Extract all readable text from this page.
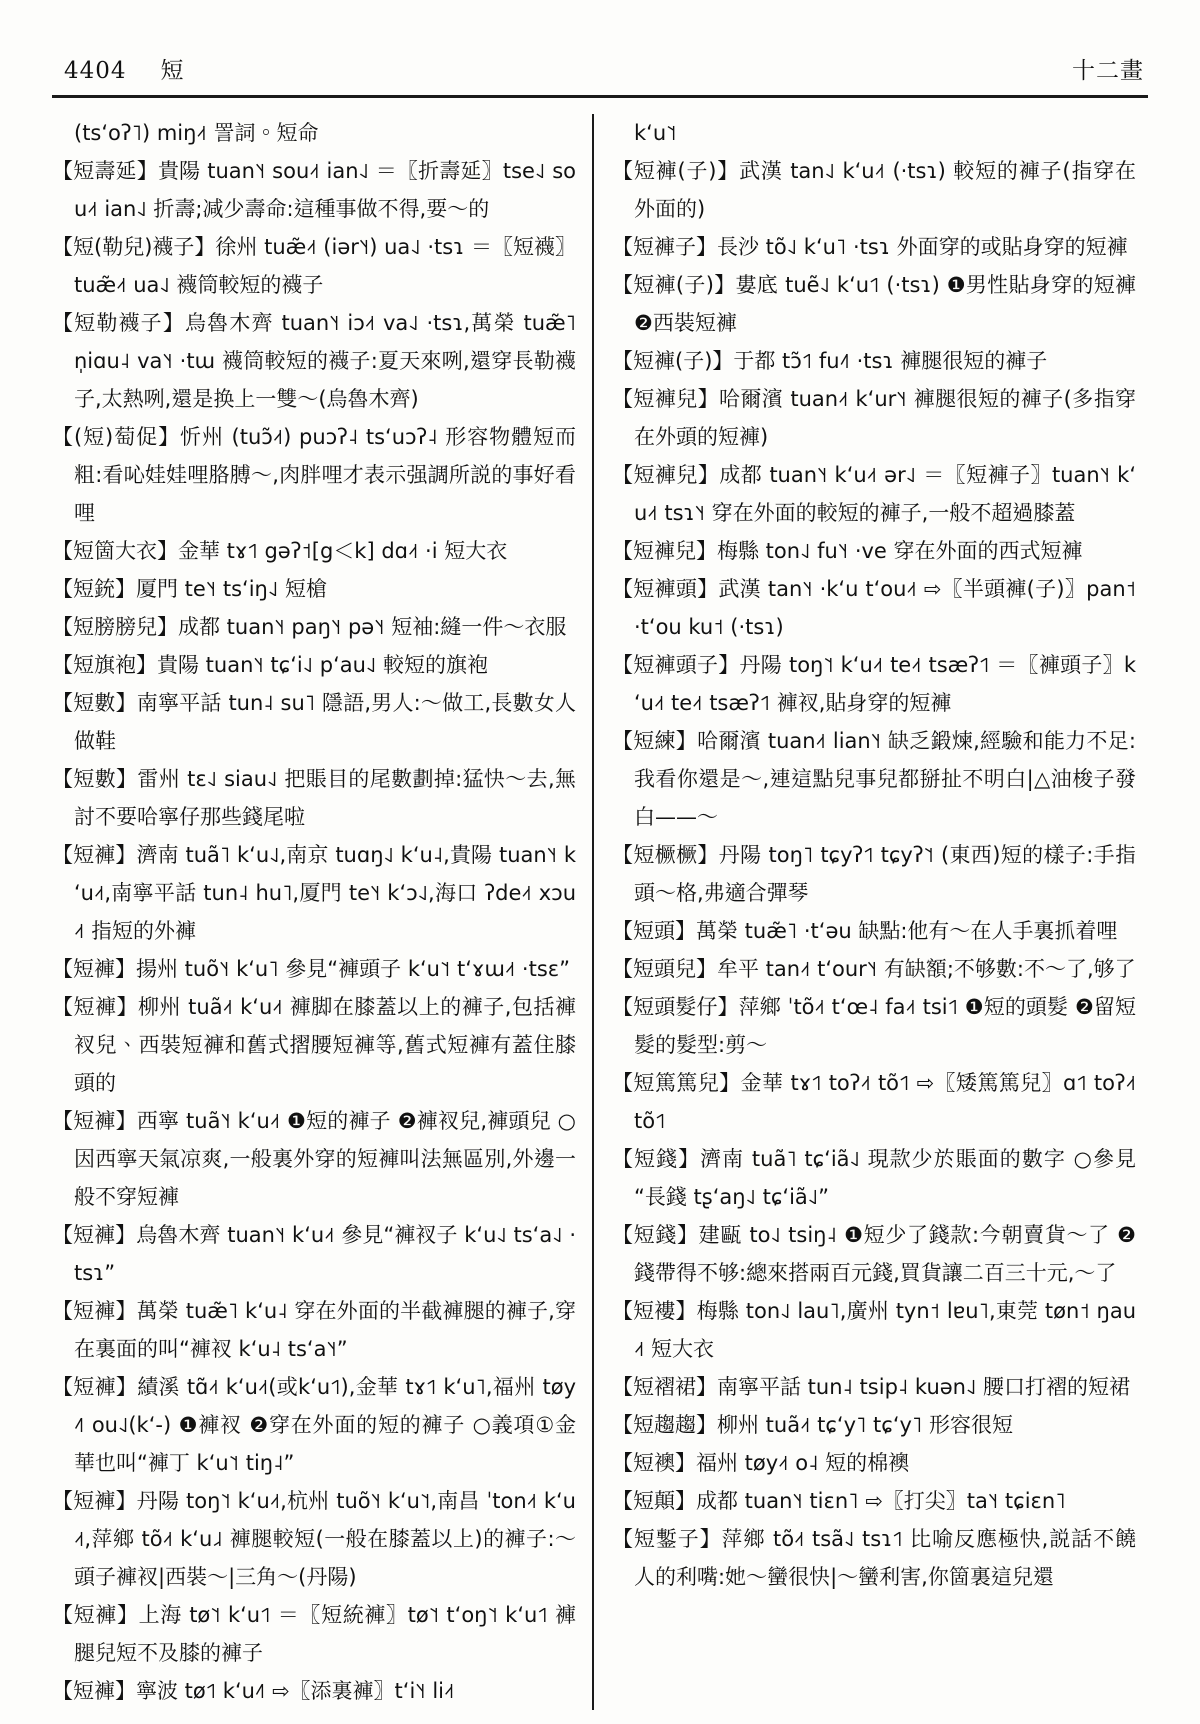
4404 短	十二畫

(tsʻoʔ˥) miŋ˨˦ 詈詞。短命

【短壽延】貴陽 tuan˥˧ sou˨˦ ian˨˩ ＝〖折壽延〗tse˨˩ sou˨˦ ian˨˩ 折壽;减少壽命:這種事做不得,要～的

【短(勒兒)襪子】徐州 tuæ̃˨˦ (iər˥˧) ua˨˩ ·tsɿ ＝〖短襪〗tuæ̃˨˦ ua˨˩ 襪筒較短的襪子

【短勒襪子】烏魯木齊 tuan˥˧ iɔ˨˦ va˨˩ ·tsɿ,萬榮 tuæ̃˥ n̩iɑu˨ va˥˧ ·tɯ 襪筒較短的襪子:夏天來咧,還穿長勒襪子,太熱咧,還是换上一雙～(烏魯木齊)

【(短)萄促】忻州 (tuɔ̃˨˦) puɔʔ˨ tsʻuɔʔ˨ 形容物體短而粗:看吣娃娃哩胳膊～,肉胖哩才表示强調所説的事好看哩

【短箇大衣】金華 tɤ˦˥ gəʔ˦[g＜k] dɑ˨˦ ·i 短大衣

【短銃】厦門 te˥˧ tsʻiŋ˨˩ 短槍

【短膀膀兒】成都 tuan˥˧ paŋ˥˧ pə˥˧ 短袖:縫一件～衣服

【短旗袍】貴陽 tuan˥˧ tɕʻi˨˩ pʻau˨˩ 較短的旗袍

【短數】南寧平話 tun˨ su˥ 隱語,男人:～做工,長數女人做鞋

【短數】雷州 tɛ˨˩ siau˨˩ 把賬目的尾數劃掉:猛快～去,無討不要哈寧仔那些錢尾啦

【短褲】濟南 tuã˥ kʻu˨˩,南京 tuɑŋ˨˩ kʻu˨,貴陽 tuan˥˧ kʻu˨˦,南寧平話 tun˨ hu˥,厦門 te˥˧ kʻɔ˨˩,海口 ʔde˨˦ xɔu˨˦ 指短的外褲

【短褲】揚州 tuõ˥˧ kʻu˥ 參見“褲頭子 kʻu˥˦ tʻɤɯ˨˦ ·tsɛ”

【短褲】柳州 tuã˨˦ kʻu˨˦ 褲脚在膝蓋以上的褲子,包括褲衩兒、西裝短褲和舊式摺腰短褲等,舊式短褲有蓋住膝頭的

【短褲】西寧 tuã˥˧ kʻu˨˦ ❶短的褲子 ❷褲衩兒,褲頭兒 ○因西寧天氣凉爽,一般裏外穿的短褲叫法無區別,外邊一般不穿短褲

【短褲】烏魯木齊 tuan˥˧ kʻu˨˦ 參見“褲衩子 kʻu˨˩ tsʻa˨˩ ·tsɿ”

【短褲】萬榮 tuæ̃˥ kʻu˨ 穿在外面的半截褲腿的褲子,穿在裏面的叫“褲衩 kʻu˨ tsʻa˥˧”

【短褲】績溪 tɑ̃˨˦ kʻu˨˦(或kʻu˦˥),金華 tɤ˦˥ kʻu˥,福州 tøy˨˥ ou˨˩(kʻ-) ❶褲衩 ❷穿在外面的短的褲子 ○義項①金華也叫“褲丁 kʻu˥˦ tiŋ˨”

【短褲】丹陽 toŋ˥˦ kʻu˨˦,杭州 tuõ˥˧ kʻu˥˦,南昌 ˈton˨˦ kʻu˨˦,萍鄉 tõ˨˦ kʻu˩˨ 褲腿較短(一般在膝蓋以上)的褲子:～頭子褲衩|西裝～|三角～(丹陽)

【短褲】上海 tø˥˦ kʻu˦˥ ＝〖短統褲〗tø˥˦ tʻoŋ˥˦ kʻu˦˥ 褲腿兒短不及膝的褲子

【短褲】寧波 tø˦˥ kʻu˨˥ ⇨〖添裏褲〗tʻi˥˧ li˨˦

kʻu˥˦

【短褲(子)】武漢 tan˨˩ kʻu˨˦ (·tsɿ) 較短的褲子(指穿在外面的)

【短褲子】長沙 tõ˨˩ kʻu˥ ·tsɿ 外面穿的或貼身穿的短褲

【短褲(子)】婁底 tuẽ˨˩ kʻu˦˥ (·tsɿ) ❶男性貼身穿的短褲 ❷西裝短褲

【短褲(子)】于都 tɔ̃˦˥ fu˨˥ ·tsɿ 褲腿很短的褲子

【短褲兒】哈爾濱 tuan˨˦ kʻur˥˧ 褲腿很短的褲子(多指穿在外頭的短褲)

【短褲兒】成都 tuan˥˧ kʻu˨˦ ər˨˩ ＝〖短褲子〗tuan˥˧ kʻu˨˦ tsɿ˥˧ 穿在外面的較短的褲子,一般不超過膝蓋

【短褲兒】梅縣 ton˨˩ fu˥˧ ·ve 穿在外面的西式短褲

【短褲頭】武漢 tan˥˧ ·kʻu tʻou˨˦ ⇨〖半頭褲(子)〗pan˦ ·tʻou ku˦ (·tsɿ)

【短褲頭子】丹陽 toŋ˥˦ kʻu˨˦ te˨˦ tsæʔ˦˥ ＝〖褲頭子〗kʻu˨˦ te˨˦ tsæʔ˦˥ 褲衩,貼身穿的短褲

【短練】哈爾濱 tuan˨˦ lian˥˧ 缺乏鍛煉,經驗和能力不足:我看你還是～,連這點兒事兒都掰扯不明白|△油梭子發白——～

【短橛橛】丹陽 toŋ˥ tɕyʔ˦˥ tɕyʔ˥˦ (東西)短的樣子:手指頭～格,弗適合彈琴

【短頭】萬榮 tuæ̃˥ ·tʻəu 缺點:他有～在人手裏抓着哩

【短頭兒】牟平 tan˨˦ tʻour˥˧ 有缺額;不够數:不～了,够了

【短頭髮仔】萍鄉 ˈtõ˨˦ tʻœ˨ fa˨˦ tsi˦˥ ❶短的頭髮 ❷留短髮的髮型:剪～

【短篤篤兒】金華 tɤ˦˥ toʔ˨˦ tõ˦˥ ⇨〖矮篤篤兒〗ɑ˦˥ toʔ˨˦ tõ˦˥

【短錢】濟南 tuã˥ tɕʻiã˨˩ 現款少於賬面的數字 ○參見“長錢 tʂʻaŋ˨˩ tɕʻiã˨˩”

【短錢】建甌 to˨˩ tsiŋ˨ ❶短少了錢款:今朝賣貨～了 ❷錢帶得不够:總來搭兩百元錢,買貨讓二百三十元,～了

【短褸】梅縣 ton˨˩ lau˥,廣州 tyn˦ lɐu˥,東莞 tøn˦ ŋau˨˦ 短大衣

【短褶裙】南寧平話 tun˨ tsip˨ kuən˨˩ 腰口打褶的短裙

【短趨趨】柳州 tuã˨˦ tɕʻy˥ tɕʻy˥ 形容很短

【短襖】福州 tøy˨˦ o˨ 短的棉襖

【短顛】成都 tuan˥˧ tiɛn˥ ⇨〖打尖〗ta˥˧ tɕiɛn˥

【短鏨子】萍鄉 tõ˨˦ tsã˨˩ tsɿ˦˥ 比喻反應極快,説話不饒人的利嘴:她～蠻很快|～蠻利害,你箇裏這兒還
